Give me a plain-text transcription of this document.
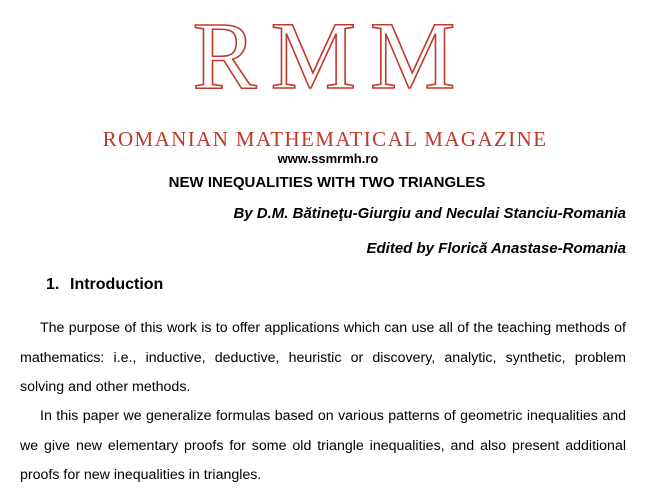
RMM
ROMANIAN MATHEMATICAL MAGAZINE
www.ssmrmh.ro
NEW INEQUALITIES WITH TWO TRIANGLES
By D.M. Bătineţu-Giurgiu and Neculai Stanciu-Romania
Edited by Florică Anastase-Romania
1. Introduction

The purpose of this work is to offer applications which can use all of the teaching methods of mathematics: i.e., inductive, deductive, heuristic or discovery, analytic, synthetic, problem solving and other methods.

In this paper we generalize formulas based on various patterns of geometric inequalities and we give new elementary proofs for some old triangle inequalities, and also present additional proofs for new inequalities in triangles.
